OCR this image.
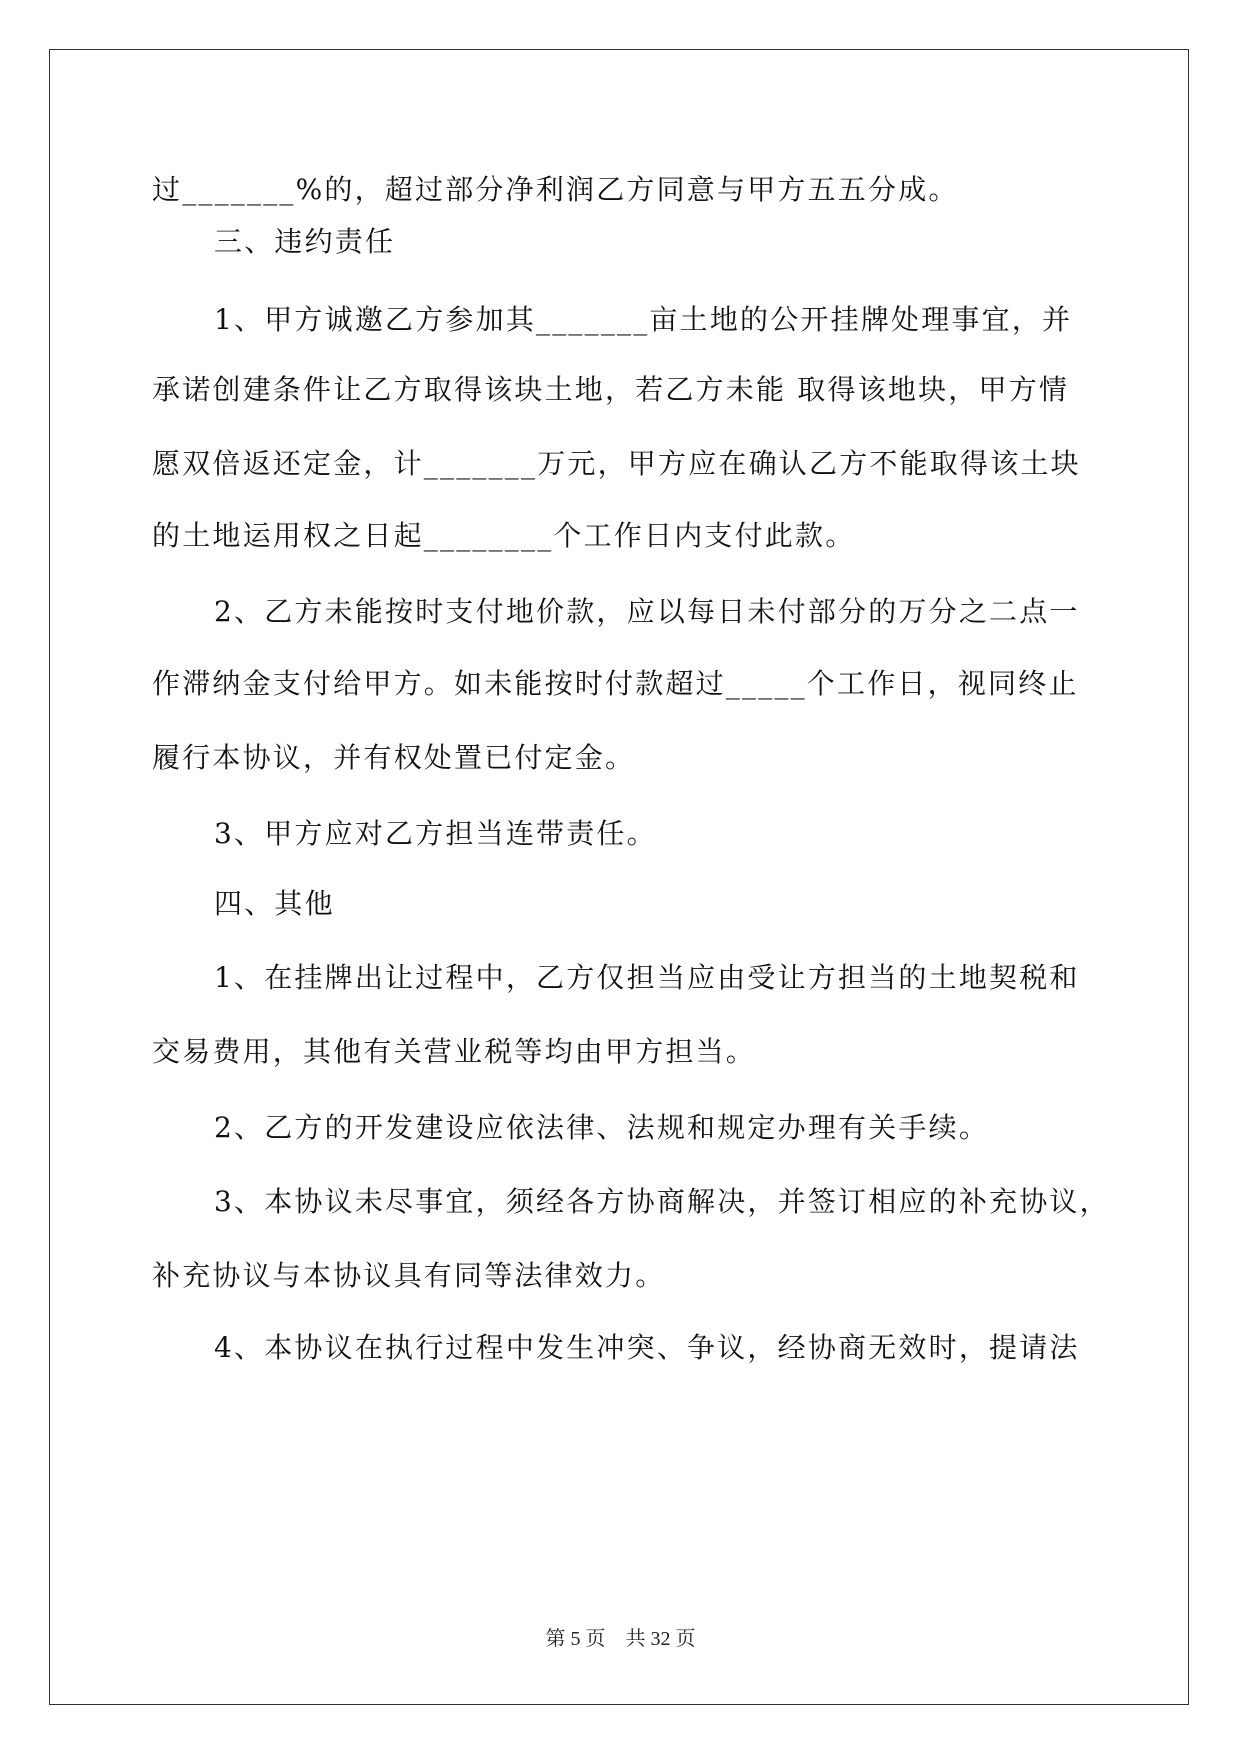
过_______%的，超过部分净利润乙方同意与甲方五五分成。
三、违约责任
1、甲方诚邀乙方参加其_______亩土地的公开挂牌处理事宜，并
承诺创建条件让乙方取得该块土地，若乙方未能 取得该地块，甲方情
愿双倍返还定金，计_______万元，甲方应在确认乙方不能取得该土块
的土地运用权之日起________个工作日内支付此款。
2、乙方未能按时支付地价款，应以每日未付部分的万分之二点一
作滞纳金支付给甲方。如未能按时付款超过_____个工作日，视同终止
履行本协议，并有权处置已付定金。
3、甲方应对乙方担当连带责任。
四、其他
1、在挂牌出让过程中，乙方仅担当应由受让方担当的土地契税和
交易费用，其他有关营业税等均由甲方担当。
2、乙方的开发建设应依法律、法规和规定办理有关手续。
3、本协议未尽事宜，须经各方协商解决，并签订相应的补充协议，
补充协议与本协议具有同等法律效力。
4、本协议在执行过程中发生冲突、争议，经协商无效时，提请法
第 5 页    共 32 页
